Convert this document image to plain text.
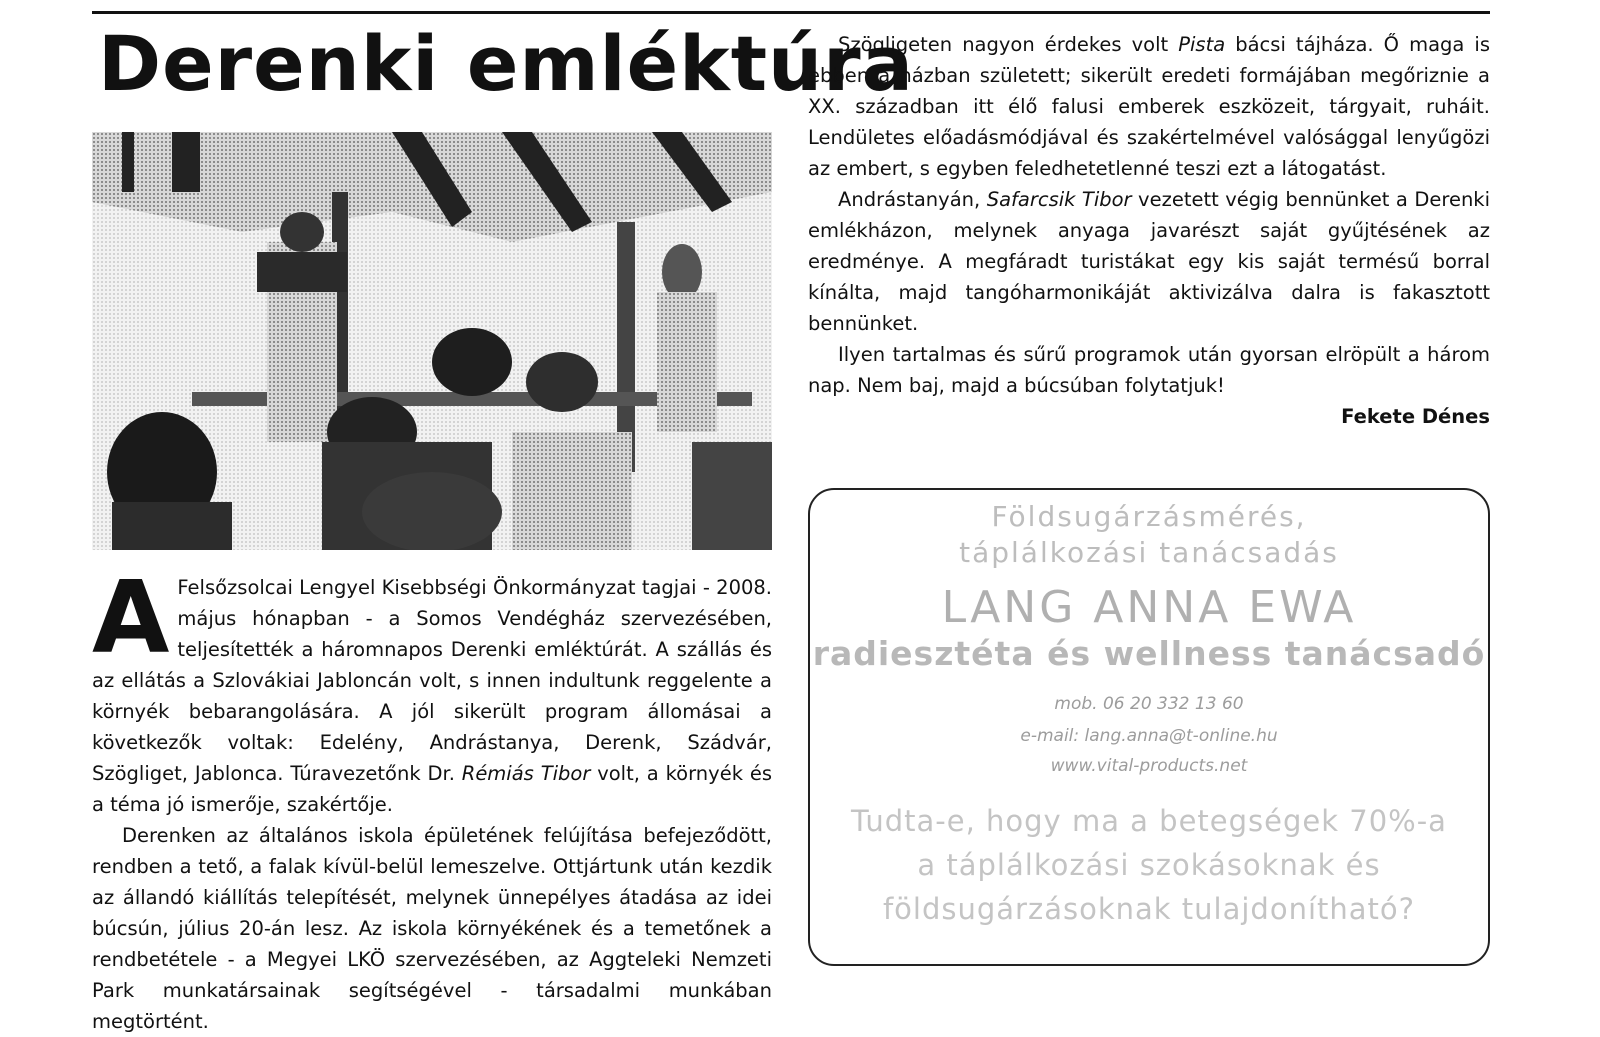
Derenki emléktúra

A Felsőzsolcai Lengyel Kisebbségi Önkormányzat tagjai - 2008. május hónapban - a Somos Vendégház szervezésében, teljesítették a háromnapos Derenki emléktúrát. A szállás és az ellátás a Szlovákiai Jabloncán volt, s innen indultunk reggelente a környék bebarangolására. A jól sikerült program állomásai a következők voltak: Edelény, Andrástanya, Derenk, Szádvár, Szögliget, Jablonca. Túravezetőnk Dr. Rémiás Tibor volt, a környék és a téma jó ismerője, szakértője.

Derenken az általános iskola épületének felújítása befejeződött, rendben a tető, a falak kívül-belül lemeszelve. Ottjártunk után kezdik az állandó kiállítás telepítését, melynek ünnepélyes átadása az idei búcsún, július 20-án lesz. Az iskola környékének és a temetőnek a rendbetétele - a Megyei LKÖ szervezésében, az Aggteleki Nemzeti Park munkatársainak segítségével - társadalmi munkában megtörtént.

Szögligeten nagyon érdekes volt Pista bácsi tájháza. Ő maga is ebben a házban született; sikerült eredeti formájában megőriznie a XX. században itt élő falusi emberek eszközeit, tárgyait, ruháit. Lendületes előadásmódjával és szakértelmével valósággal lenyűgözi az embert, s egyben feledhetetlenné teszi ezt a látogatást.

Andrástanyán, Safarcsik Tibor vezetett végig bennünket a Derenki emlékházon, melynek anyaga javarészt saját gyűjtésének az eredménye. A megfáradt turistákat egy kis saját termésű borral kínálta, majd tangóharmonikáját aktivizálva dalra is fakasztott bennünket.

Ilyen tartalmas és sűrű programok után gyorsan elröpült a három nap. Nem baj, majd a búcsúban folytatjuk!

Fekete Dénes

Földsugárzásmérés,
táplálkozási tanácsadás
LANG ANNA EWA
radiesztéta és wellness tanácsadó
mob. 06 20 332 13 60
e-mail: lang.anna@t-online.hu
www.vital-products.net
Tudta-e, hogy ma a betegségek 70%-a
a táplálkozási szokásoknak és
földsugárzásoknak tulajdonítható?
